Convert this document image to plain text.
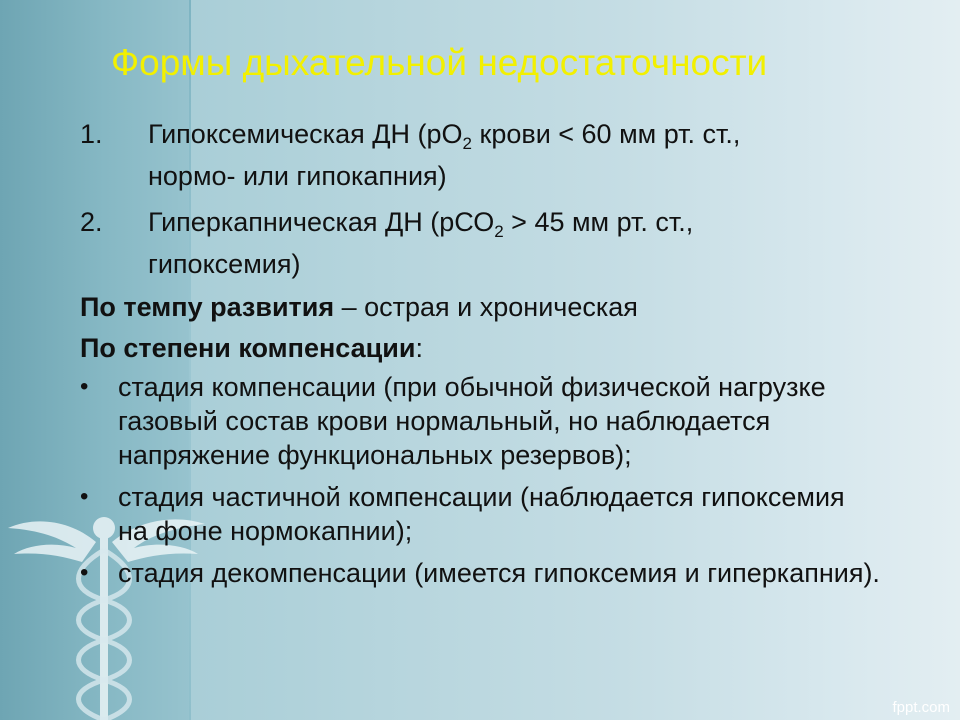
Формы дыхательной недостаточности
1. Гипоксемическая ДН ($рО_2$ крови < 60 мм рт. ст.,
нормо- или гипокапния)
2. Гиперкапническая ДН (рСО$_2$ > 45 мм рт. ст.,
гипоксемия)
По темпу развития – острая и хроническая
По степени компенсации:
• стадия компенсации (при обычной физической нагрузке газовый состав крови нормальный, но наблюдается напряжение функциональных резервов);
• стадия частичной компенсации (наблюдается гипоксемия на фоне нормокапнии);
• стадия декомпенсации (имеется гипоксемия и гиперкапния).
fppt.com
